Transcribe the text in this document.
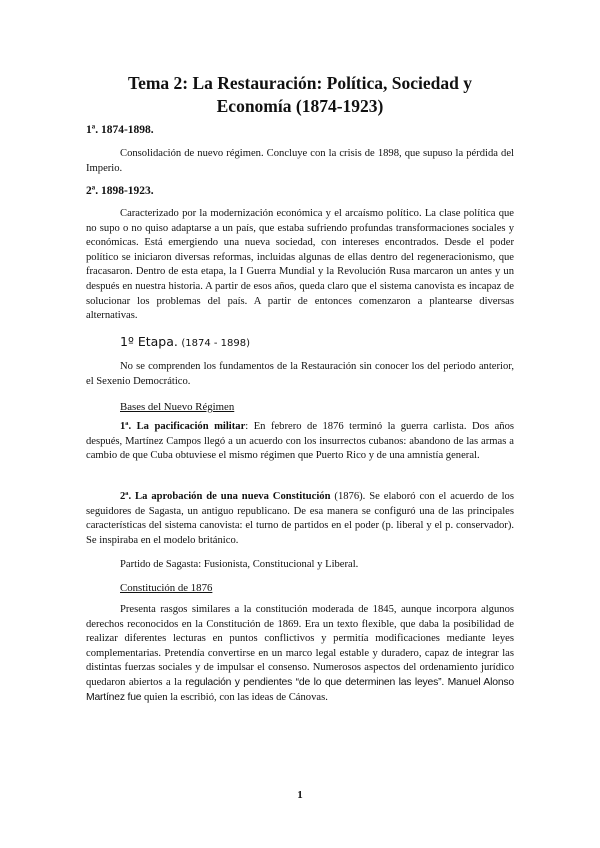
Tema 2: La Restauración: Política, Sociedad y
Economía (1874-1923)
1ª. 1874-1898.

Consolidación de nuevo régimen. Concluye con la crisis de 1898, que supuso la pérdida del Imperio.

2ª. 1898-1923.

Caracterizado por la modernización económica y el arcaísmo político. La clase política que no supo o no quiso adaptarse a un país, que estaba sufriendo profundas transformaciones sociales y económicas. Está emergiendo una nueva sociedad, con intereses encontrados. Desde el poder político se iniciaron diversas reformas, incluidas algunas de ellas dentro del regeneracionismo, que fracasaron. Dentro de esta etapa, la I Guerra Mundial y la Revolución Rusa marcaron un antes y un después en nuestra historia. A partir de esos años, queda claro que el sistema canovista es incapaz de solucionar los problemas del país. A partir de entonces comenzaron a plantearse diversas alternativas.

1º Etapa. (1874 - 1898)

No se comprenden los fundamentos de la Restauración sin conocer los del periodo anterior, el Sexenio Democrático.

Bases del Nuevo Régimen

1ª. La pacificación militar: En febrero de 1876 terminó la guerra carlista. Dos años después, Martínez Campos llegó a un acuerdo con los insurrectos cubanos: abandono de las armas a cambio de que Cuba obtuviese el mismo régimen que Puerto Rico y de una amnistía general.

2ª. La aprobación de una nueva Constitución (1876). Se elaboró con el acuerdo de los seguidores de Sagasta, un antiguo republicano. De esa manera se configuró una de las principales características del sistema canovista: el turno de partidos en el poder (p. liberal y el p. conservador). Se inspiraba en el modelo británico.

Partido de Sagasta: Fusionista, Constitucional y Liberal.

Constitución de 1876

Presenta rasgos similares a la constitución moderada de 1845, aunque incorpora algunos derechos reconocidos en la Constitución de 1869. Era un texto flexible, que daba la posibilidad de realizar diferentes lecturas en puntos conflictivos y permitía modificaciones mediante leyes complementarias. Pretendía convertirse en un marco legal estable y duradero, capaz de integrar las distintas fuerzas sociales y de impulsar el consenso. Numerosos aspectos del ordenamiento jurídico quedaron abiertos a la regulación y pendientes “de lo que determinen las leyes”. Manuel Alonso Martínez fue quien la escribió, con las ideas de Cánovas.

1
